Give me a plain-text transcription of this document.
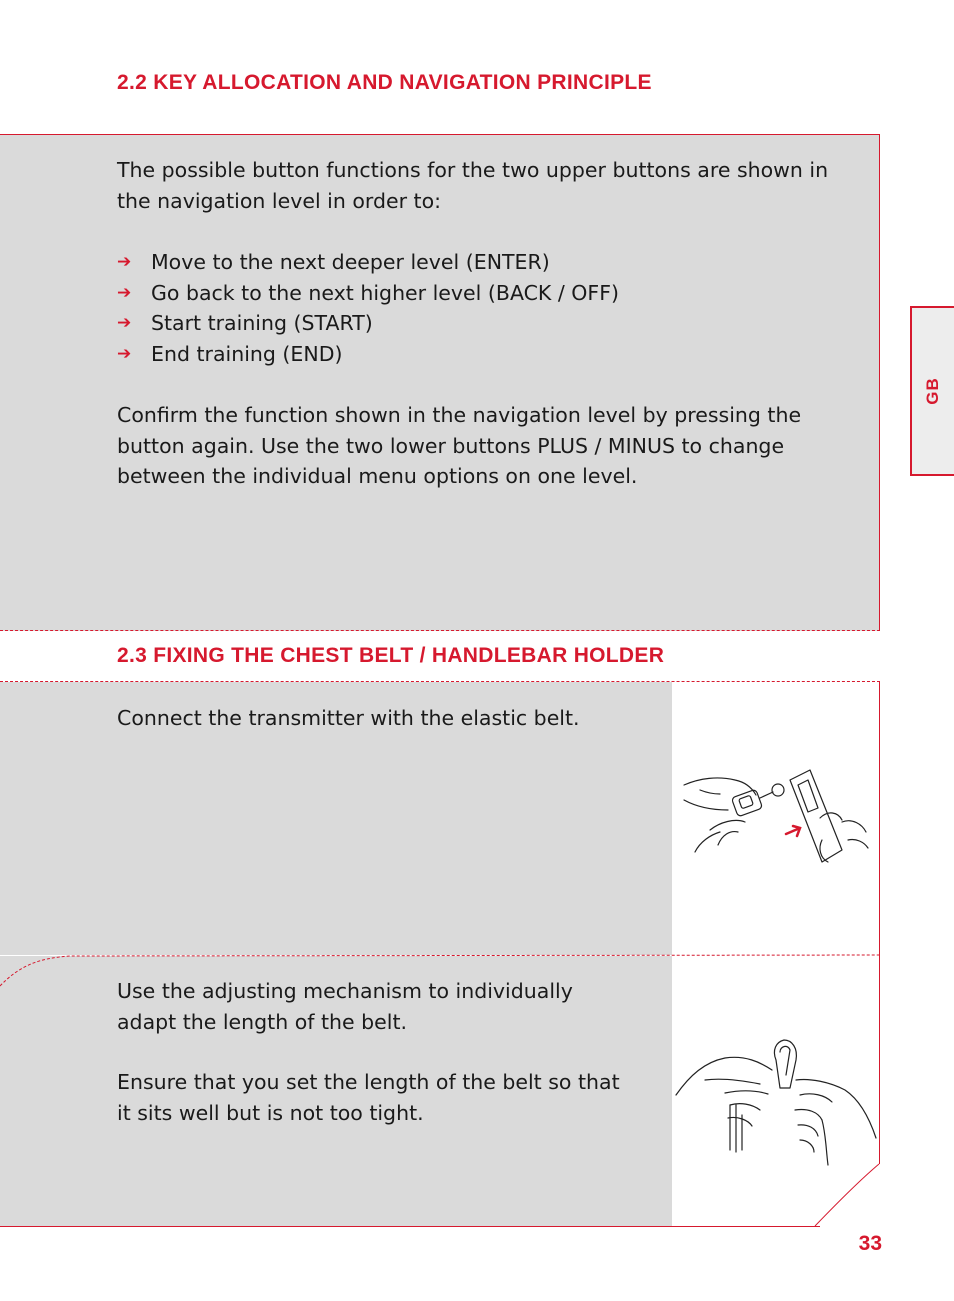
2.2 KEY ALLOCATION AND NAVIGATION PRINCIPLE

The possible button functions for the two upper buttons are shown in the navigation level in order to:

➔ Move to the next deeper level (ENTER)
➔ Go back to the next higher level (BACK / OFF)
➔ Start training (START)
➔ End training (END)

Confirm the function shown in the navigation level by pressing the button again. Use the two lower buttons PLUS / MINUS to change between the individual menu options on one level.

2.3 FIXING THE CHEST BELT / HANDLEBAR HOLDER

Connect the transmitter with the elastic belt.

Use the adjusting mechanism to individually adapt the length of the belt.

Ensure that you set the length of the belt so that it sits well but is not too tight.

GB
33
